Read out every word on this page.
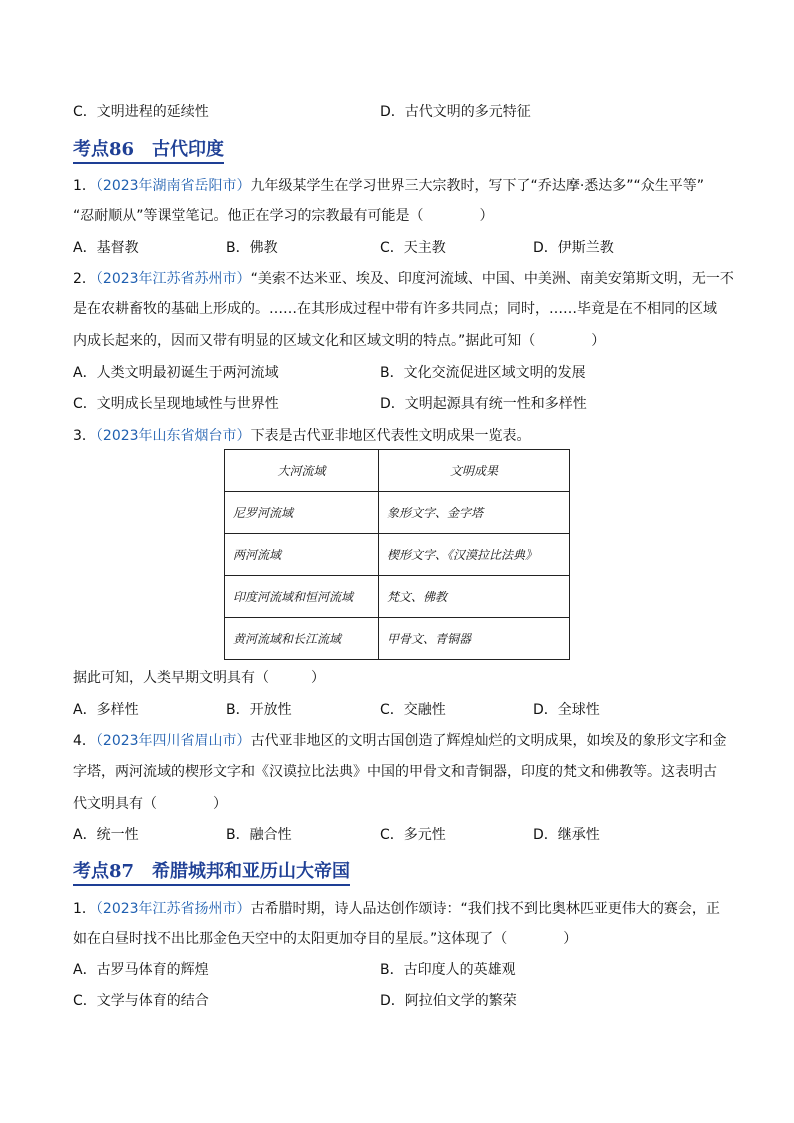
C．文明进程的延续性	D．古代文明的多元特征
考点86　古代印度
1．（2023年湖南省岳阳市）九年级某学生在学习世界三大宗教时，写下了“乔达摩·悉达多”“众生平等”
“忍耐顺从”等课堂笔记。他正在学习的宗教最有可能是（　　　　）
A．基督教	B．佛教	C．天主教	D．伊斯兰教
2．（2023年江苏省苏州市）“美索不达米亚、埃及、印度河流域、中国、中美洲、南美安第斯文明，无一不
是在农耕畜牧的基础上形成的。……在其形成过程中带有许多共同点；同时，……毕竟是在不相同的区域
内成长起来的，因而又带有明显的区域文化和区域文明的特点。”据此可知（　　　　）
A．人类文明最初诞生于两河流域	B．文化交流促进区域文明的发展
C．文明成长呈现地域性与世界性	D．文明起源具有统一性和多样性
3．（2023年山东省烟台市）下表是古代亚非地区代表性文明成果一览表。
大河流域	文明成果
尼罗河流域	象形文字、金字塔
两河流域	楔形文字、《汉漠拉比法典》
印度河流域和恒河流域	梵文、佛教
黄河流域和长江流域	甲骨文、青铜器
据此可知，人类早期文明具有（　　　）
A．多样性	B．开放性	C．交融性	D．全球性
4．（2023年四川省眉山市）古代亚非地区的文明古国创造了辉煌灿烂的文明成果，如埃及的象形文字和金
字塔，两河流域的楔形文字和《汉谟拉比法典》中国的甲骨文和青铜器，印度的梵文和佛教等。这表明古
代文明具有（　　　　）
A．统一性	B．融合性	C．多元性	D．继承性
考点87　希腊城邦和亚历山大帝国
1．（2023年江苏省扬州市）古希腊时期，诗人品达创作颂诗：“我们找不到比奥林匹亚更伟大的赛会，正
如在白昼时找不出比那金色天空中的太阳更加夺目的星辰。”这体现了（　　　　）
A．古罗马体育的辉煌	B．古印度人的英雄观
C．文学与体育的结合	D．阿拉伯文学的繁荣
